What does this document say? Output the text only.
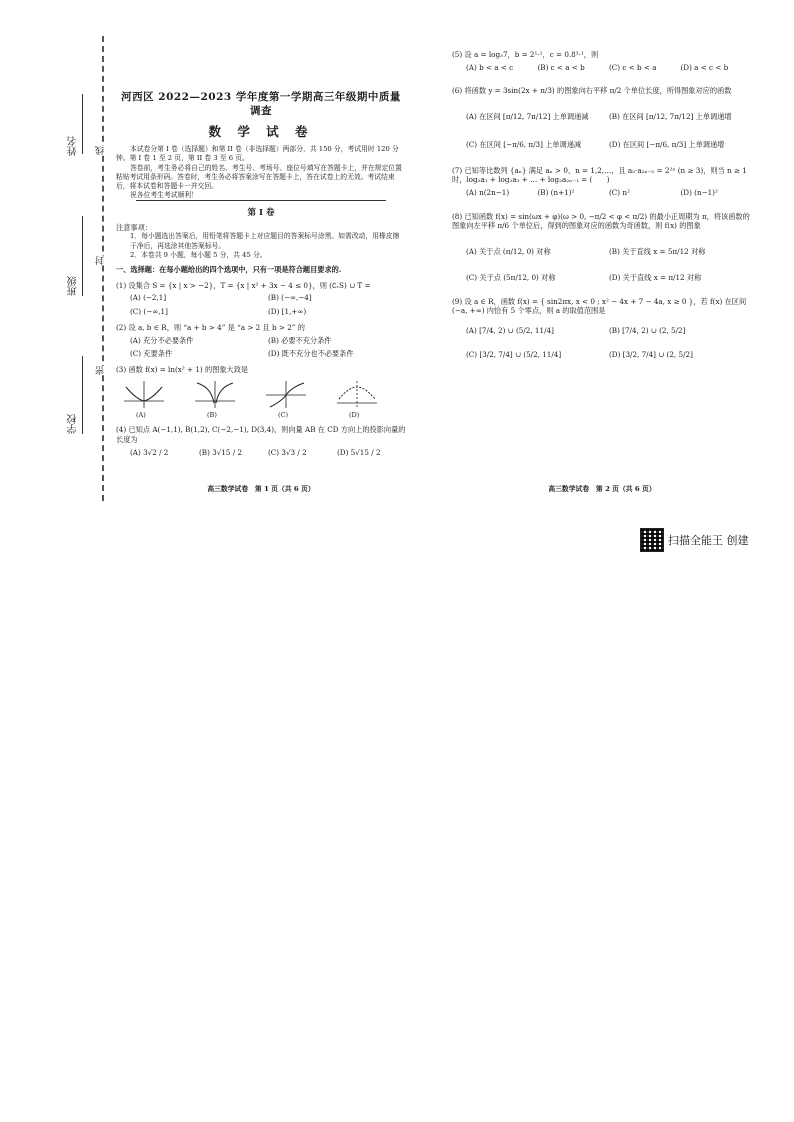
姓名
班级
学校
线
封
密
河西区 2022—2023 学年度第一学期高三年级期中质量调查
数 学 试 卷
本试卷分第 I 卷（选择题）和第 II 卷（非选择题）两部分，共 150 分，考试用时 120 分钟。第 I 卷 1 至 2 页，第 II 卷 3 至 6 页。
答卷前，考生务必将自己的姓名、考生号、考场号、座位号填写在答题卡上，并在规定位置粘贴考试用条形码。答卷时，考生务必将答案涂写在答题卡上，答在试卷上的无效。考试结束后，将本试卷和答题卡一并交回。
祝各位考生考试顺利！
第 I 卷
注意事项：
1．每小题选出答案后，用铅笔将答题卡上对应题目的答案标号涂黑。如需改动，用橡皮擦干净后，再选涂其他答案标号。
2．本卷共 9 小题，每小题 5 分，共 45 分。
一、选择题：在每小题给出的四个选项中，只有一项是符合题目要求的.
(1) 设集合 S = {x | x > −2}，T = {x | x² + 3x − 4 ≤ 0}，则 (∁ᵣS) ∪ T =
(A) (−2,1]	(B) (−∞,−4]
(C) (−∞,1]	(D) [1,+∞)
(2) 设 a, b ∈ R，则 “a + b > 4” 是 “a > 2 且 b > 2” 的
(A) 充分不必要条件	(B) 必要不充分条件
(C) 充要条件	(D) 既不充分也不必要条件
(3) 函数 f(x) = ln(x² + 1) 的图象大致是
(A)	(B)	(C)	(D)
(4) 已知点 A(−1,1), B(1,2), C(−2,−1), D(3,4)，则向量 AB 在 CD 方向上的投影向量的长度为
(A) 3√2 / 2	(B) 3√15 / 2	(C) 3√3 / 2	(D) 5√15 / 2
(5) 设 a = log₃7，b = 2¹·¹，c = 0.8³·¹，则
(A) b < a < c	(B) c < a < b	(C) c < b < a	(D) a < c < b
(6) 将函数 y = 3sin(2x + π/3) 的图象向右平移 π/2 个单位长度，所得图象对应的函数
(A) 在区间 [π/12, 7π/12] 上单调递减	(B) 在区间 [π/12, 7π/12] 上单调递增
(C) 在区间 [−π/6, π/3] 上单调递减	(D) 在区间 [−π/6, π/3] 上单调递增
(7) 已知等比数列 {aₙ} 满足 aₙ > 0，n = 1,2,…，且 a₅·a₂ₙ₋₅ = 2²ⁿ (n ≥ 3)，则当 n ≥ 1 时，log₂a₁ + log₂a₃ + … + log₂a₂ₙ₋₁ = (　　)
(A) n(2n−1)	(B) (n+1)²	(C) n²	(D) (n−1)²
(8) 已知函数 f(x) = sin(ωx + φ)(ω > 0, −π/2 < φ < π/2) 的最小正周期为 π，将该函数的图象向左平移 π/6 个单位后，得到的图象对应的函数为奇函数，则 f(x) 的图象
(A) 关于点 (π/12, 0) 对称	(B) 关于直线 x = 5π/12 对称
(C) 关于点 (5π/12, 0) 对称	(D) 关于直线 x = π/12 对称
(9) 设 a ∈ R，函数 f(x) = { sin2πx, x < 0 ; x² − 4x + 7 − 4a, x ≥ 0 }，若 f(x) 在区间 (−a, +∞) 内恰有 5 个零点，则 a 的取值范围是
(A) [7/4, 2) ∪ (5/2, 11/4]	(B) [7/4, 2) ∪ (2, 5/2]
(C) [3/2, 7/4] ∪ (5/2, 11/4]	(D) [3/2, 7/4] ∪ (2, 5/2]
高三数学试卷　第 1 页（共 6 页）	高三数学试卷　第 2 页（共 6 页）
扫描全能王 创建
